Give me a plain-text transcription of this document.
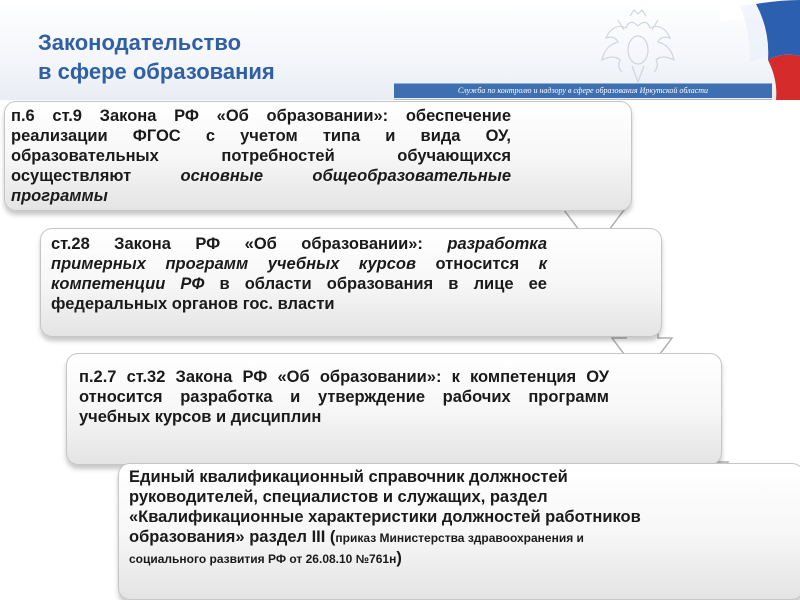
Законодательство
в сфере образования
Служба по контролю и надзору в сфере образования Иркутской области
п.6 ст.9 Закона РФ «Об образовании»: обеспечение реализации ФГОС с учетом типа и вида ОУ, образовательных потребностей обучающихся осуществляют основные общеобразовательные программы
ст.28 Закона РФ «Об образовании»: разработка примерных программ учебных курсов относится к компетенции РФ в области образования в лице ее федеральных органов гос. власти
п.2.7 ст.32 Закона РФ «Об образовании»: к компетенция ОУ относится разработка и утверждение рабочих программ учебных курсов и дисциплин
Единый квалификационный справочник должностей руководителей, специалистов и служащих, раздел «Квалификационные характеристики должностей работников образования» раздел III (приказ Министерства здравоохранения и социального развития РФ от 26.08.10 №761н)
